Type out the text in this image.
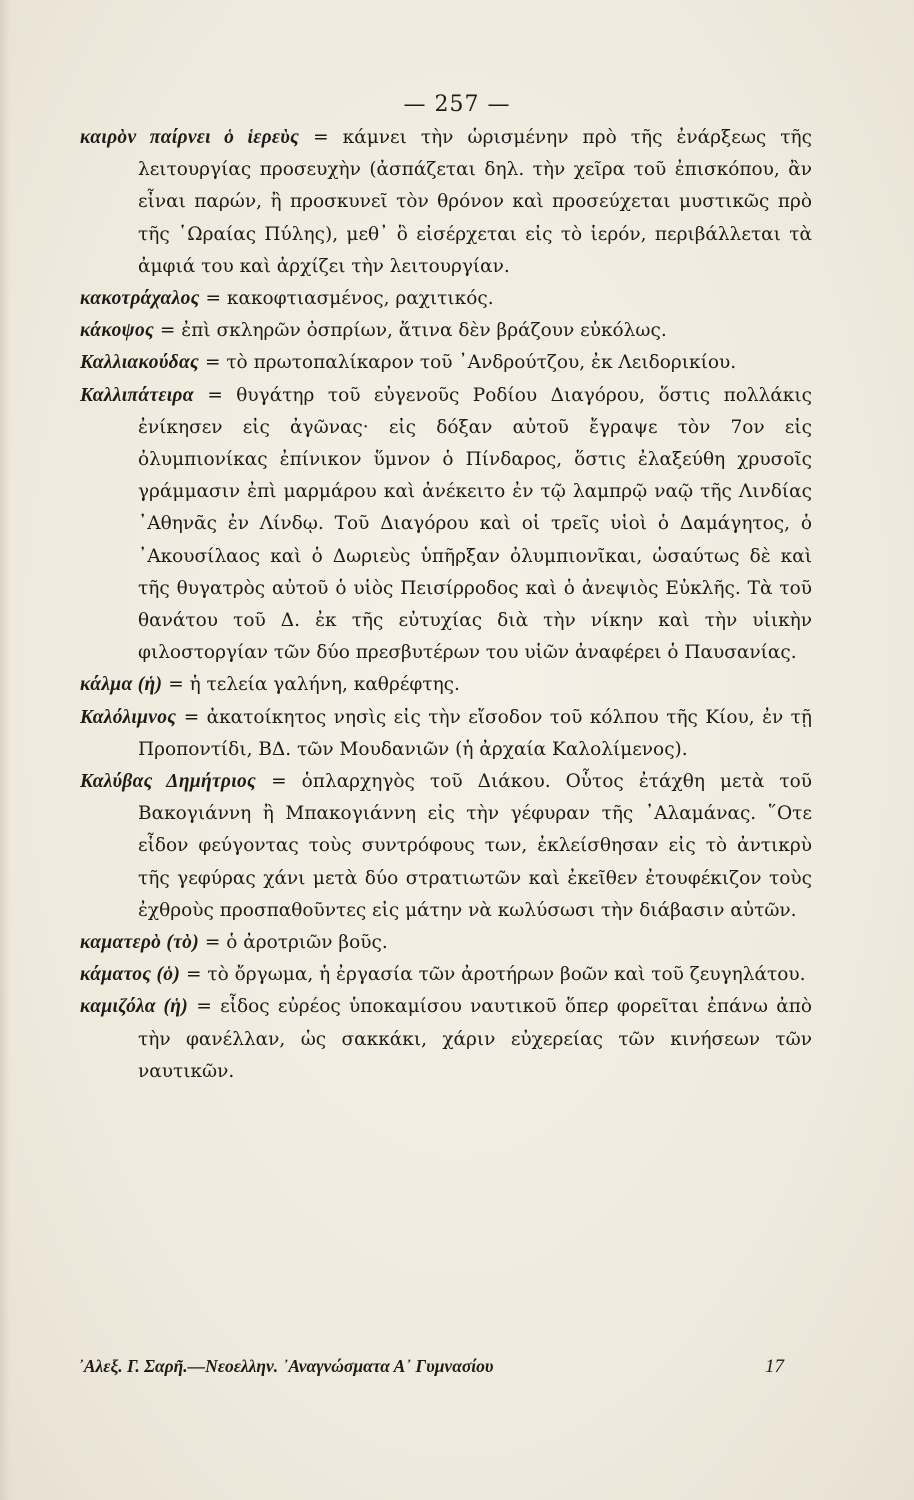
— 257 —

καιρὸν παίρνει ὁ ἱερεὺς = κάμνει τὴν ὡρισμένην πρὸ τῆς ἐνάρξεως τῆς λειτουργίας προσευχὴν (ἀσπάζεται δηλ. τὴν χεῖρα τοῦ ἐπισκόπου, ἂν εἶναι παρών, ἢ προσκυνεῖ τὸν θρόνον καὶ προσεύχεται μυστικῶς πρὸ τῆς ῾Ωραίας Πύλης), μεθ᾽ ὃ εἰσέρχεται εἰς τὸ ἱερόν, περιβάλλεται τὰ ἀμφιά του καὶ ἀρχίζει τὴν λειτουργίαν.

κακοτράχαλος = κακοφτιασμένος, ραχιτικός.

κάκοψος = ἐπὶ σκληρῶν ὀσπρίων, ἅτινα δὲν βράζουν εὐκόλως.

Καλλιακούδας = τὸ πρωτοπαλίκαρον τοῦ ᾽Ανδρούτζου, ἐκ Λειδορικίου.

Καλλιπάτειρα = θυγάτηρ τοῦ εὐγενοῦς Ροδίου Διαγόρου, ὅστις πολλάκις ἐνίκησεν εἰς ἀγῶνας· εἰς δόξαν αὐτοῦ ἔγραψε τὸν 7ον εἰς ὀλυμπιονίκας ἐπίνικον ὕμνον ὁ Πίνδαρος, ὅστις ἐλαξεύθη χρυσοῖς γράμμασιν ἐπὶ μαρμάρου καὶ ἀνέκειτο ἐν τῷ λαμπρῷ ναῷ τῆς Λινδίας ᾽Αθηνᾶς ἐν Λίνδῳ. Τοῦ Διαγόρου καὶ οἱ τρεῖς υἱοὶ ὁ Δαμάγητος, ὁ ᾽Ακουσίλαος καὶ ὁ Δωριεὺς ὑπῆρξαν ὀλυμπιονῖκαι, ὡσαύτως δὲ καὶ τῆς θυγατρὸς αὐτοῦ ὁ υἱὸς Πεισίρροδος καὶ ὁ ἀνεψιὸς Εὐκλῆς. Τὰ τοῦ θανάτου τοῦ Δ. ἐκ τῆς εὐτυχίας διὰ τὴν νίκην καὶ τὴν υἱικὴν φιλοστοργίαν τῶν δύο πρεσβυτέρων του υἱῶν ἀναφέρει ὁ Παυσανίας.

κάλμα (ἡ) = ἡ τελεία γαλήνη, καθρέφτης.

Καλόλιμνος = ἀκατοίκητος νησὶς εἰς τὴν εἴσοδον τοῦ κόλπου τῆς Κίου, ἐν τῇ Προποντίδι, ΒΔ. τῶν Μουδανιῶν (ἡ ἀρχαία Καλολίμενος).

Καλύβας Δημήτριος = ὁπλαρχηγὸς τοῦ Διάκου. Οὗτος ἐτάχθη μετὰ τοῦ Βακογιάννη ἢ Μπακογιάννη εἰς τὴν γέφυραν τῆς ᾽Αλαμάνας. ῞Οτε εἶδον φεύγοντας τοὺς συντρόφους των, ἐκλείσθησαν εἰς τὸ ἀντικρὺ τῆς γεφύρας χάνι μετὰ δύο στρατιωτῶν καὶ ἐκεῖθεν ἐτουφέκιζον τοὺς ἐχθροὺς προσπαθοῦντες εἰς μάτην νὰ κωλύσωσι τὴν διάβασιν αὐτῶν.

καματερὸ (τὸ) = ὁ ἀροτριῶν βοῦς.

κάματος (ὁ) = τὸ ὄργωμα, ἡ ἐργασία τῶν ἀροτήρων βοῶν καὶ τοῦ ζευγηλάτου.

καμιζόλα (ἡ) = εἶδος εὐρέος ὑποκαμίσου ναυτικοῦ ὅπερ φορεῖται ἐπάνω ἀπὸ τὴν φανέλλαν, ὡς σακκάκι, χάριν εὐχερείας τῶν κινήσεων τῶν ναυτικῶν.

᾽Αλεξ. Γ. Σαρῆ.—Νεοελλην. ᾽Αναγνώσματα Α᾽ Γυμνασίου	17
